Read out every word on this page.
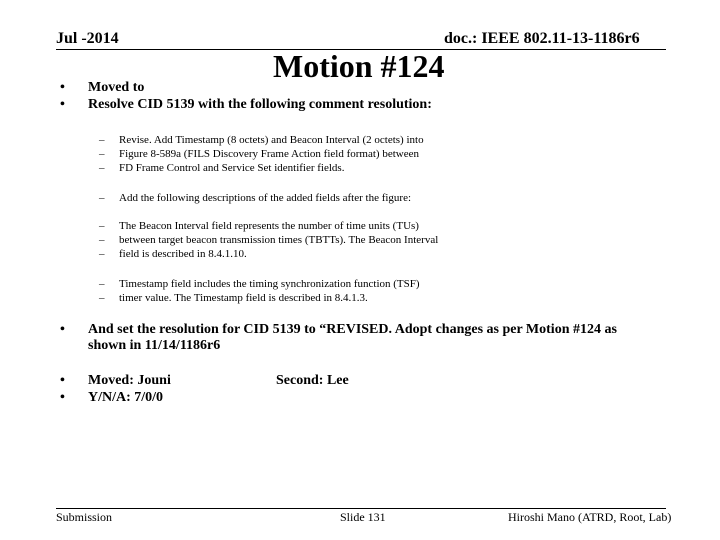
Jul -2014	doc.: IEEE 802.11-13-1186r6
Motion #124
• Moved to
• Resolve CID 5139 with the following comment resolution:
–
–
–
Revise. Add Timestamp (8 octets) and Beacon Interval (2 octets) into
Figure 8-589a (FILS Discovery Frame Action field format) between
FD Frame Control and Service Set identifier fields.
– Add the following descriptions of the added fields after the figure:
–
–
–
The Beacon Interval field represents the number of time units (TUs)
between target beacon transmission times (TBTTs). The Beacon Interval
field is described in 8.4.1.10.
–
–
Timestamp field includes the timing synchronization function (TSF)
timer value. The Timestamp field is described in 8.4.1.3.
• And set the resolution for CID 5139 to “REVISED. Adopt changes as per Motion #124 as
shown in 11/14/1186r6
• Moved: Jouni	Second: Lee
• Y/N/A: 7/0/0
Submission	Slide 131	Hiroshi Mano (ATRD, Root, Lab)
